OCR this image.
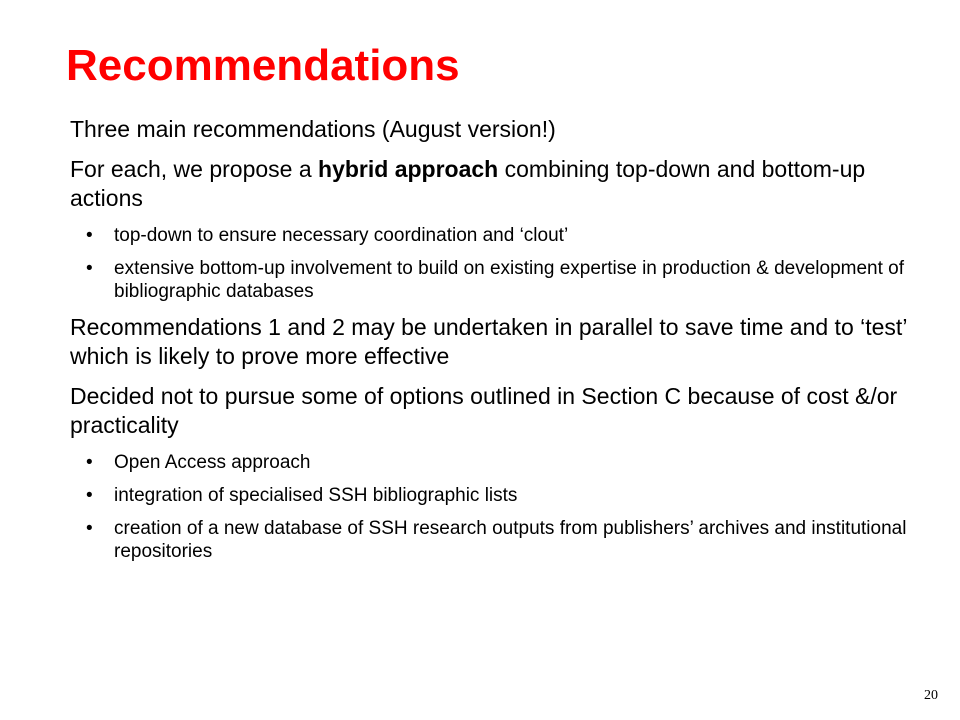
Recommendations

Three main recommendations (August version!)

For each, we propose a hybrid approach combining top-down and bottom-up actions

• top-down to ensure necessary coordination and ‘clout’
• extensive bottom-up involvement to build on existing expertise in production & development of bibliographic databases

Recommendations 1 and 2 may be undertaken in parallel to save time and to ‘test’ which is likely to prove more effective

Decided not to pursue some of options outlined in Section C because of cost &/or practicality

• Open Access approach
• integration of specialised SSH bibliographic lists
• creation of a new database of SSH research outputs from publishers’ archives and institutional repositories
20
